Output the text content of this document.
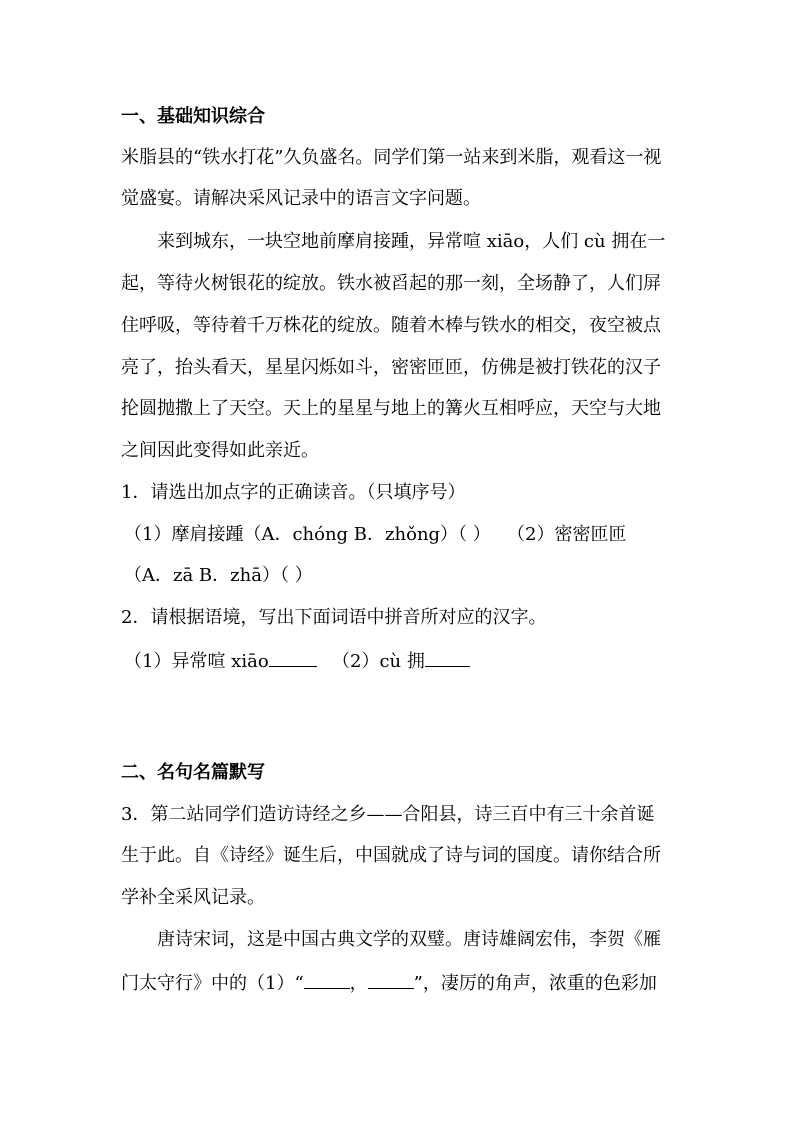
一、基础知识综合
米脂县的“铁水打花”久负盛名。同学们第一站来到米脂，观看这一视
觉盛宴。请解决采风记录中的语言文字问题。
来到城东，一块空地前摩肩接踵，异常喧 xiāo，人们 cù 拥在一
起，等待火树银花的绽放。铁水被舀起的那一刻，全场静了，人们屏
住呼吸，等待着千万株花的绽放。随着木棒与铁水的相交，夜空被点
亮了，抬头看天，星星闪烁如斗，密密匝匝，仿佛是被打铁花的汉子
抡圆抛撒上了天空。天上的星星与地上的篝火互相呼应，天空与大地
之间因此变得如此亲近。
1．请选出加点字的正确读音。（只填序号）
（1）摩肩接踵（A．chóng B．zhǒng）（ ） （2）密密匝匝
（A．zā B．zhā）（ ）
2．请根据语境，写出下面词语中拼音所对应的汉字。
（1）异常喧 xiāo	（2）cù 拥
二、名句名篇默写
3．第二站同学们造访诗经之乡——合阳县，诗三百中有三十余首诞
生于此。自《诗经》诞生后，中国就成了诗与词的国度。请你结合所
学补全采风记录。
唐诗宋词，这是中国古典文学的双璧。唐诗雄阔宏伟，李贺《雁
门太守行》中的（1）“	，	”，凄厉的角声，浓重的色彩加
